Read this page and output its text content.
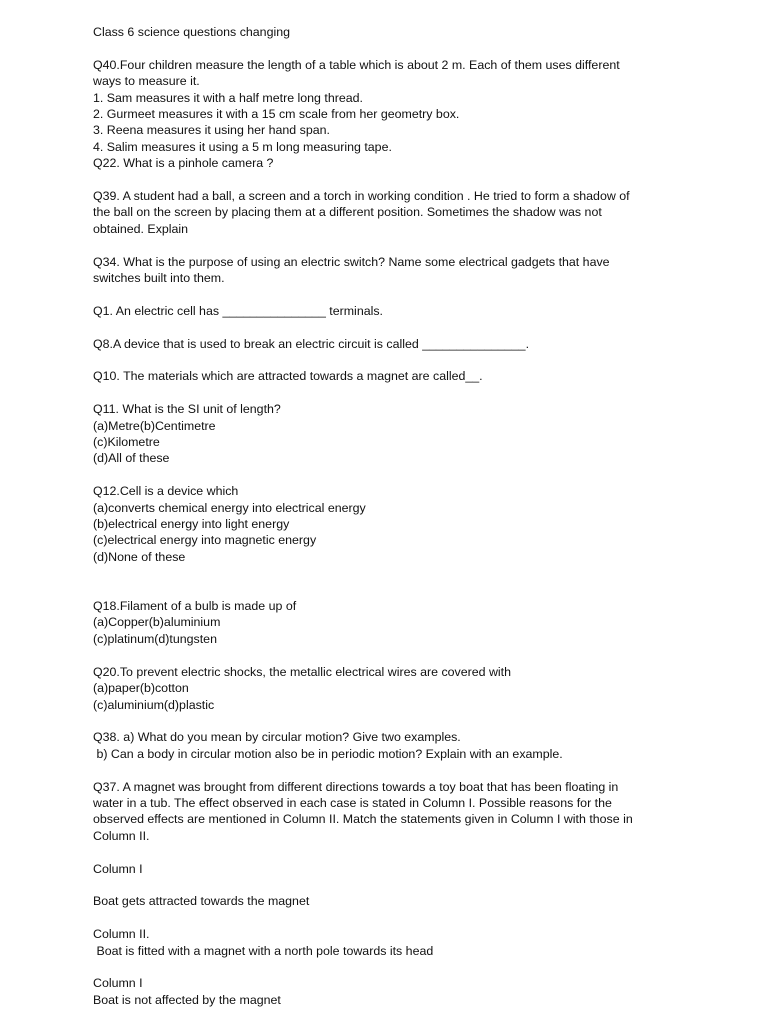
Class 6 science questions changing
Q40.Four children measure the length of a table which is about 2 m. Each of them uses different
ways to measure it.
1. Sam measures it with a half metre long thread.
2. Gurmeet measures it with a 15 cm scale from her geometry box.
3. Reena measures it using her hand span.
4. Salim measures it using a 5 m long measuring tape.
Q22. What is a pinhole camera ?
Q39. A student had a ball, a screen and a torch in working condition . He tried to form a shadow of
the ball on the screen by placing them at a different position. Sometimes the shadow was not
obtained. Explain
Q34. What is the purpose of using an electric switch? Name some electrical gadgets that have
switches built into them.
Q1. An electric cell has _______________ terminals.
Q8.A device that is used to break an electric circuit is called _______________.
Q10. The materials which are attracted towards a magnet are called__.
Q11. What is the SI unit of length?
(a)Metre(b)Centimetre
(c)Kilometre
(d)All of these
Q12.Cell is a device which
(a)converts chemical energy into electrical energy
(b)electrical energy into light energy
(c)electrical energy into magnetic energy
(d)None of these
Q18.Filament of a bulb is made up of
(a)Copper(b)aluminium
(c)platinum(d)tungsten
Q20.To prevent electric shocks, the metallic electrical wires are covered with
(a)paper(b)cotton
(c)aluminium(d)plastic
Q38. a) What do you mean by circular motion? Give two examples.
b) Can a body in circular motion also be in periodic motion? Explain with an example.
Q37. A magnet was brought from different directions towards a toy boat that has been floating in
water in a tub. The effect observed in each case is stated in Column I. Possible reasons for the
observed effects are mentioned in Column II. Match the statements given in Column I with those in
Column II.
Column I
Boat gets attracted towards the magnet
Column II.
Boat is fitted with a magnet with a north pole towards its head
Column I
Boat is not affected by the magnet
